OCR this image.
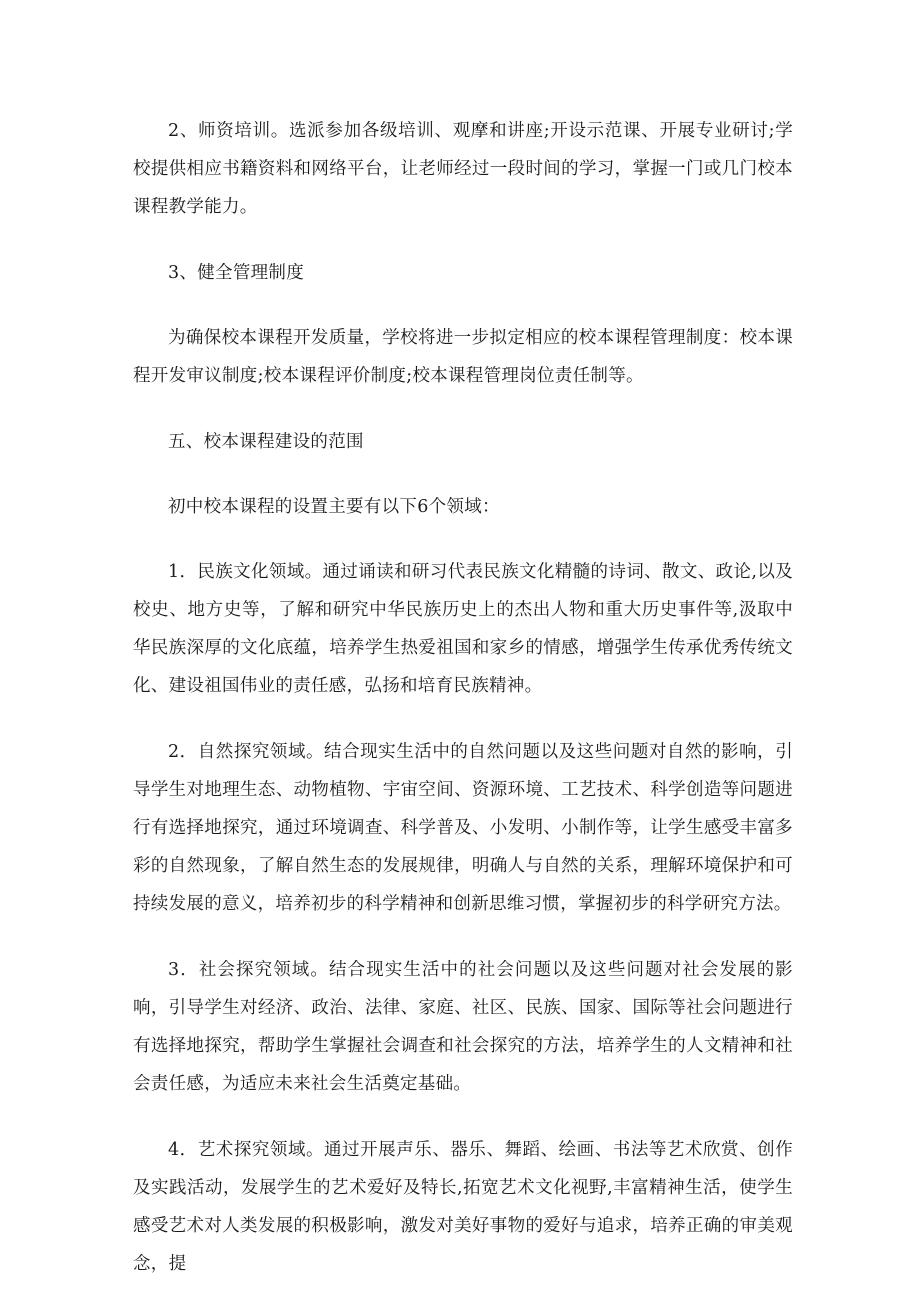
2、师资培训。选派参加各级培训、观摩和讲座;开设示范课、开展专业研讨;学校提供相应书籍资料和网络平台，让老师经过一段时间的学习，掌握一门或几门校本课程教学能力。

3、健全管理制度

为确保校本课程开发质量，学校将进一步拟定相应的校本课程管理制度：校本课程开发审议制度;校本课程评价制度;校本课程管理岗位责任制等。

五、校本课程建设的范围

初中校本课程的设置主要有以下6个领域：

1．民族文化领域。通过诵读和研习代表民族文化精髓的诗词、散文、政论,以及校史、地方史等，了解和研究中华民族历史上的杰出人物和重大历史事件等,汲取中华民族深厚的文化底蕴，培养学生热爱祖国和家乡的情感，增强学生传承优秀传统文化、建设祖国伟业的责任感，弘扬和培育民族精神。

2．自然探究领域。结合现实生活中的自然问题以及这些问题对自然的影响，引导学生对地理生态、动物植物、宇宙空间、资源环境、工艺技术、科学创造等问题进行有选择地探究，通过环境调查、科学普及、小发明、小制作等，让学生感受丰富多彩的自然现象，了解自然生态的发展规律，明确人与自然的关系，理解环境保护和可持续发展的意义，培养初步的科学精神和创新思维习惯，掌握初步的科学研究方法。

3．社会探究领域。结合现实生活中的社会问题以及这些问题对社会发展的影响，引导学生对经济、政治、法律、家庭、社区、民族、国家、国际等社会问题进行有选择地探究，帮助学生掌握社会调查和社会探究的方法，培养学生的人文精神和社会责任感，为适应未来社会生活奠定基础。

4．艺术探究领域。通过开展声乐、器乐、舞蹈、绘画、书法等艺术欣赏、创作及实践活动，发展学生的艺术爱好及特长,拓宽艺术文化视野,丰富精神生活，使学生感受艺术对人类发展的积极影响，激发对美好事物的爱好与追求，培养正确的审美观念，提
